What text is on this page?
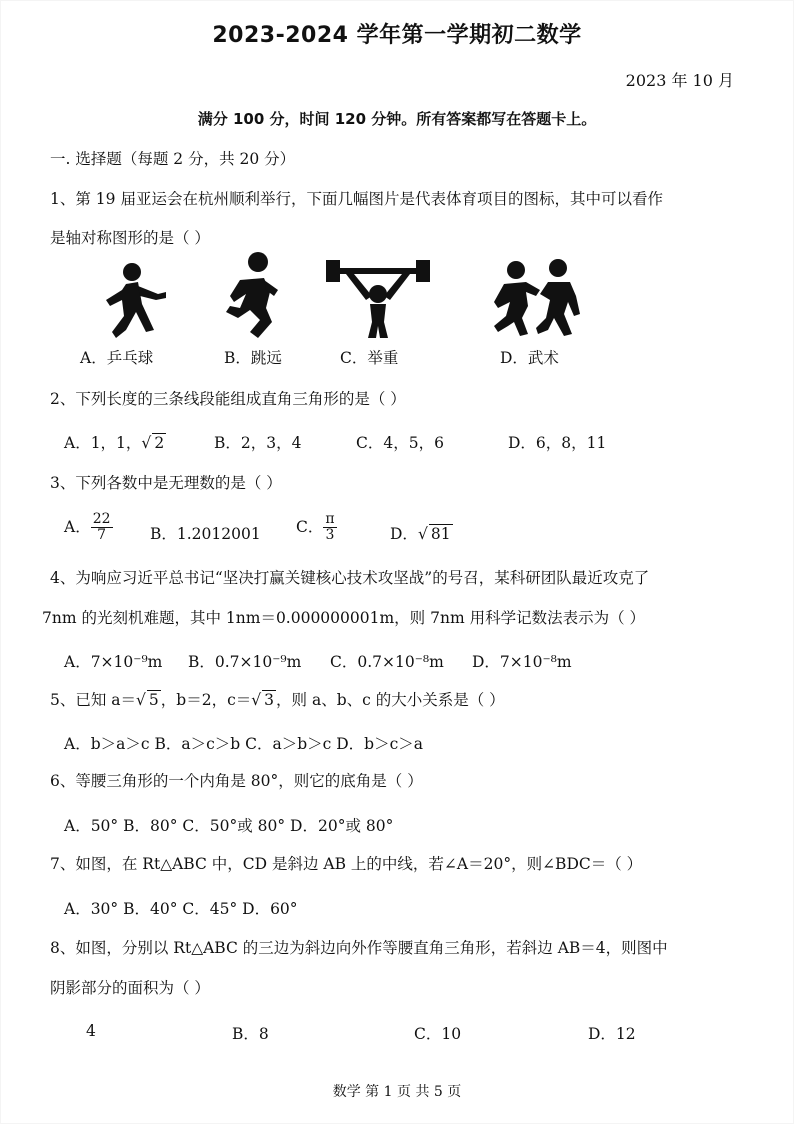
2023-2024 学年第一学期初二数学
2023 年 10 月
满分 100 分，时间 120 分钟。所有答案都写在答题卡上。
一. 选择题（每题 2 分，共 20 分）
1、第 19 届亚运会在杭州顺利举行，下面几幅图片是代表体育项目的图标，其中可以看作
是轴对称图形的是（ ）
A．乒乓球	B．跳远	C．举重	D．武术
2、下列长度的三条线段能组成直角三角形的是（ ）
A．1，1，√ 2	B．2，3，4	C．4，5，6	D．6，8，11
3、下列各数中是无理数的是（ ）
A． $\frac{22}{7}$ B．1.2012001 C． $\frac{\pi}{3}$	D．√ 81
4、为响应习近平总书记“坚决打赢关键核心技术攻坚战”的号召，某科研团队最近攻克了
7nm 的光刻机难题，其中 1nm＝0.000000001m，则 7nm 用科学记数法表示为（ ）
A．7×10⁻⁹m B．0.7×10⁻⁹m C．0.7×10⁻⁸m D．7×10⁻⁸m
5、已知 a＝√ 5 ，b＝2，c＝√ 3 ，则 a、b、c 的大小关系是（ ）
A．b＞a＞c B．a＞c＞b C．a＞b＞c D．b＞c＞a
6、等腰三角形的一个内角是 80°，则它的底角是（ ）
A．50° B．80° C．50°或 80° D．20°或 80°
7、如图，在 Rt△ABC 中，CD 是斜边 AB 上的中线，若∠A＝20°，则∠BDC＝（ ）
A．30° B．40° C．45° D．60°
8、如图，分别以 Rt△ABC 的三边为斜边向外作等腰直角三角形，若斜边 AB＝4，则图中
阴影部分的面积为（ ）
4	B．8	C．10	D．12
数学 第 1 页 共 5 页
